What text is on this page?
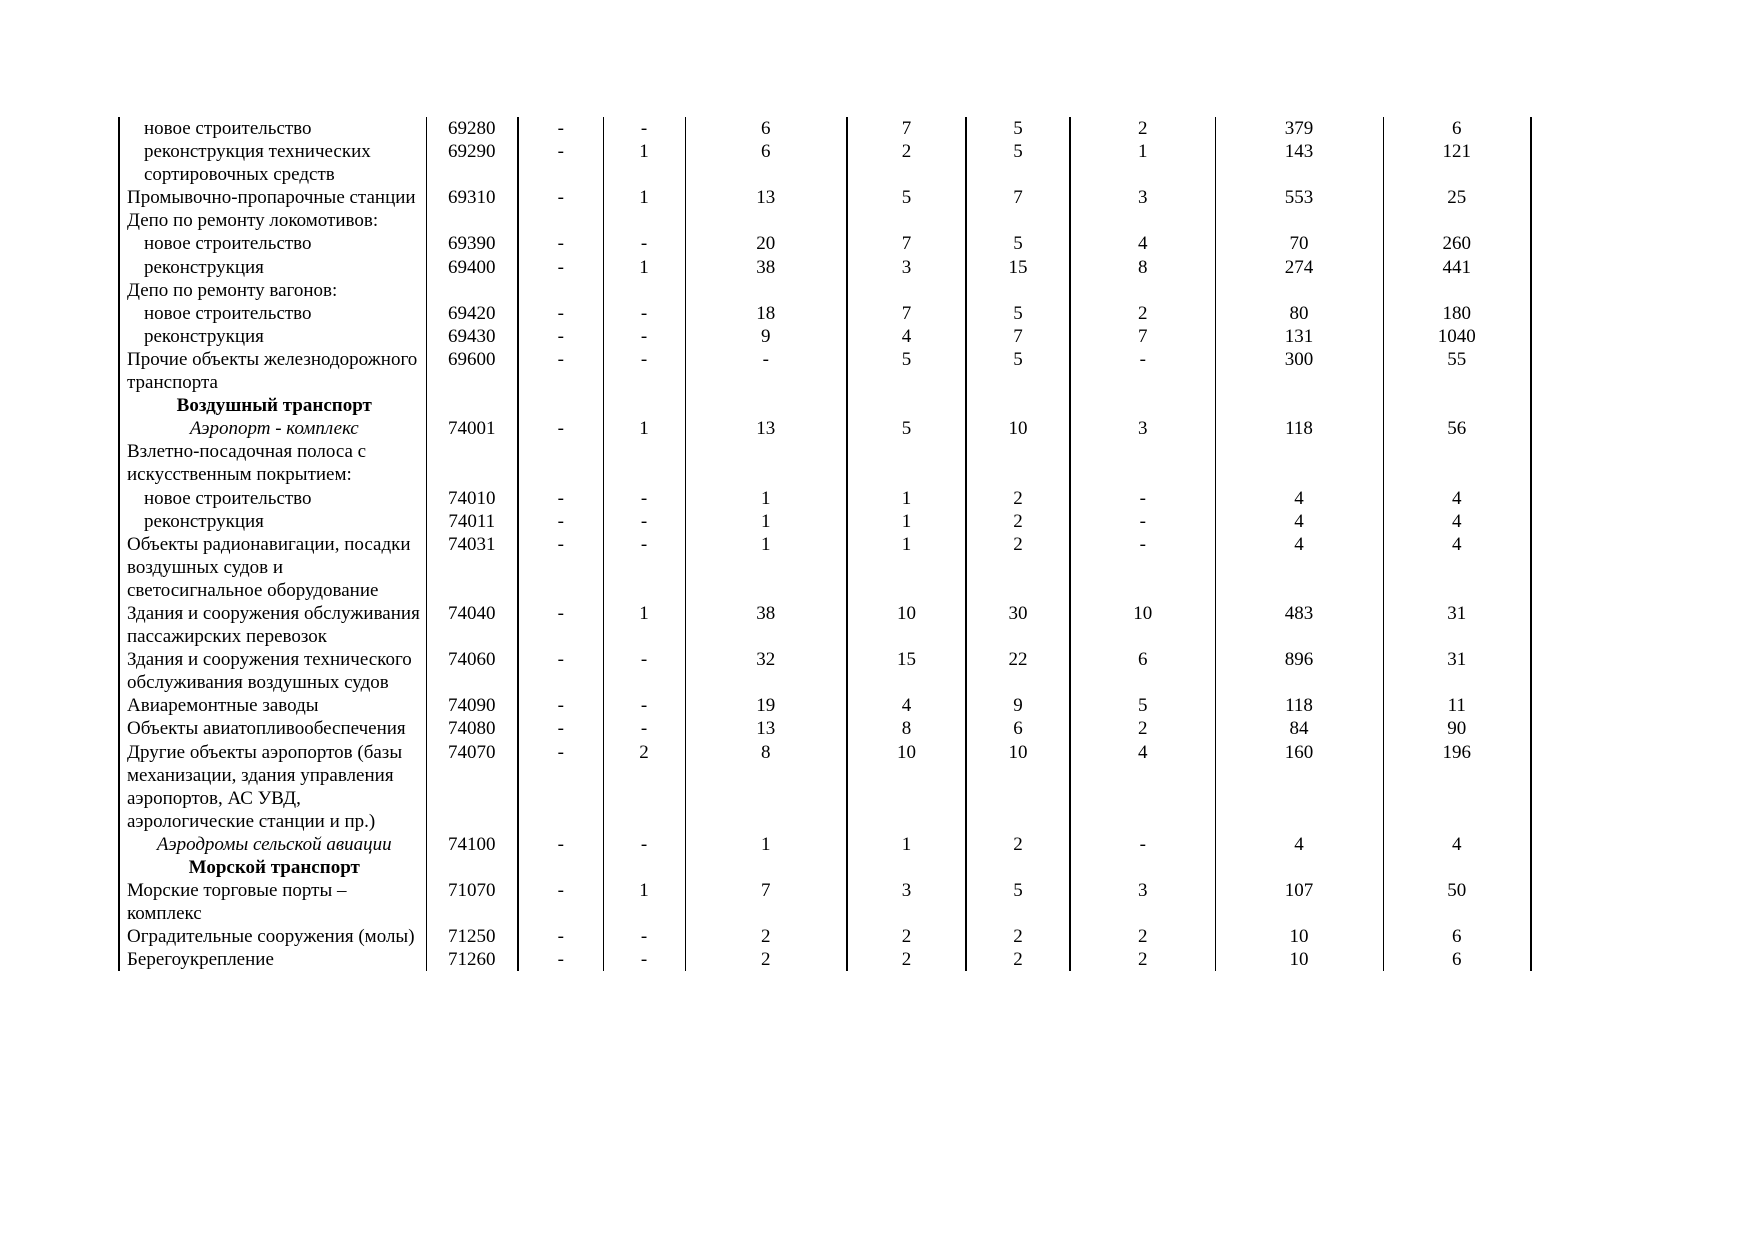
новое строительство	69280	-	-	6	7	5	2	379	6

реконструкция технических сортировочных средств	69290	-	1	6	2	5	1	143	121

Промывочно-пропарочные станции	69310	-	1	13	5	7	3	553	25

Депо по ремонту локомотивов:									

новое строительство	69390	-	-	20	7	5	4	70	260

реконструкция	69400	-	1	38	3	15	8	274	441

Депо по ремонту вагонов:									

новое строительство	69420	-	-	18	7	5	2	80	180

реконструкция	69430	-	-	9	4	7	7	131	1040

Прочие объекты железнодорожного транспорта	69600	-	-	-	5	5	-	300	55

Воздушный транспорт									

Аэропорт - комплекс	74001	-	1	13	5	10	3	118	56

Взлетно-посадочная полоса с искусственным покрытием:									

новое строительство	74010	-	-	1	1	2	-	4	4

реконструкция	74011	-	-	1	1	2	-	4	4

Объекты радионавигации, посадки воздушных судов и светосигнальное оборудование	74031	-	-	1	1	2	-	4	4

Здания и сооружения обслуживания пассажирских перевозок	74040	-	1	38	10	30	10	483	31

Здания и сооружения технического обслуживания воздушных судов	74060	-	-	32	15	22	6	896	31

Авиаремонтные заводы	74090	-	-	19	4	9	5	118	11

Объекты авиатопливообеспечения	74080	-	-	13	8	6	2	84	90

Другие объекты аэропортов (базы механизации, здания управления аэропортов, АС УВД, аэрологические станции и пр.)	74070	-	2	8	10	10	4	160	196

Аэродромы сельской авиации	74100	-	-	1	1	2	-	4	4

Морской транспорт									

Морские торговые порты – комплекс	71070	-	1	7	3	5	3	107	50

Оградительные сооружения (молы)	71250	-	-	2	2	2	2	10	6

Берегоукрепление	71260	-	-	2	2	2	2	10	6
